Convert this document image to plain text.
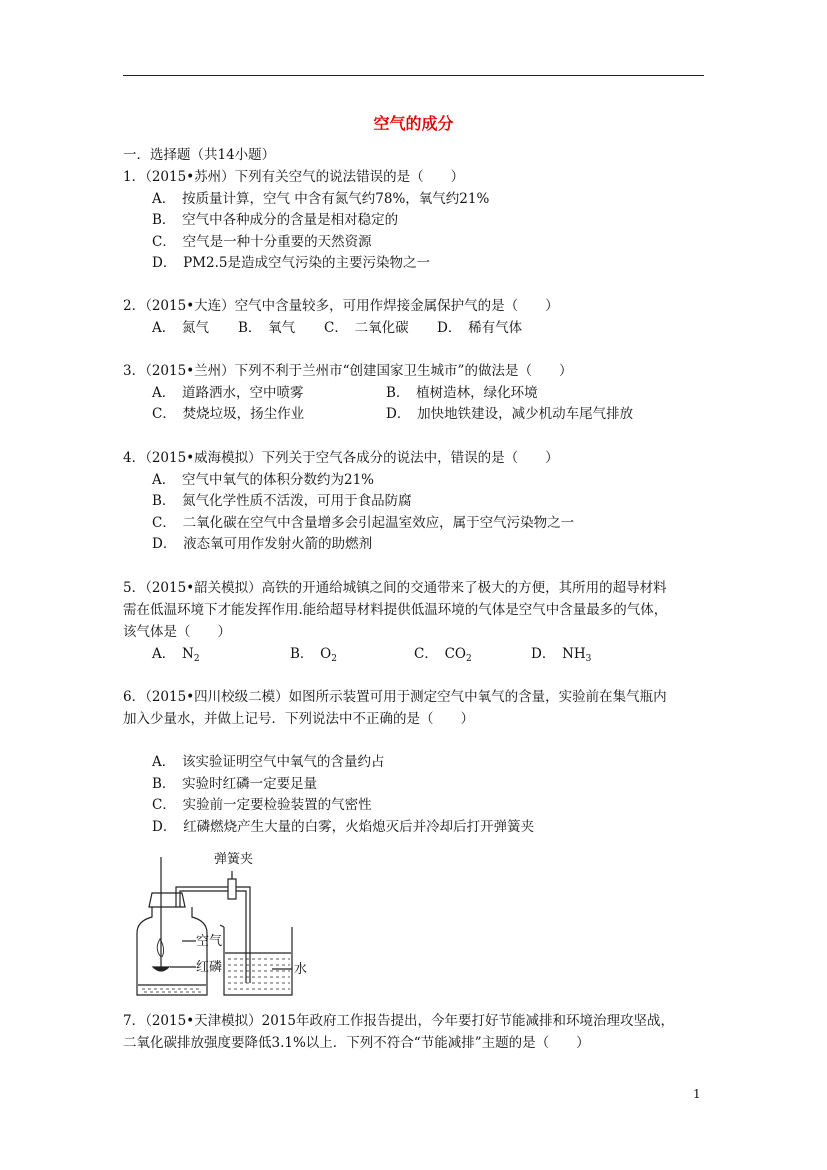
空气的成分
一．选择题（共14小题）
1．（2015•苏州）下列有关空气的说法错误的是（　　）
A．　按质量计算，空气 中含有氮气约78%，氧气约21%
B．　空气中各种成分的含量是相对稳定的
C．　空气是一种十分重要的天然资源
D．　PM2.5是造成空气污染的主要污染物之一
2．（2015•大连）空气中含量较多，可用作焊接金属保护气的是（　　）
A．　氮气 B．　氧气 C．　二氧化碳 D．　稀有气体
3．（2015•兰州）下列不利于兰州市“创建国家卫生城市”的做法是（　　）
A．　道路洒水，空中喷雾	B．　植树造林，绿化环境
C．　焚烧垃圾，扬尘作业	D．　加快地铁建设，减少机动车尾气排放
4．（2015•威海模拟）下列关于空气各成分的说法中，错误的是（　　）
A．　空气中氧气的体积分数约为21%
B．　氮气化学性质不活泼，可用于食品防腐
C．　二氧化碳在空气中含量增多会引起温室效应，属于空气污染物之一
D．　液态氧可用作发射火箭的助燃剂
5．（2015•韶关模拟）高铁的开通给城镇之间的交通带来了极大的方便，其所用的超导材料
需在低温环境下才能发挥作用.能给超导材料提供低温环境的气体是空气中含量最多的气体，
该气体是（　　）
A．　$N_2$	B．　$O_2$	C．　$CO_2$	D．　$NH_3$
6．（2015•四川校级二模）如图所示装置可用于测定空气中氧气的含量，实验前在集气瓶内
加入少量水，并做上记号．下列说法中不正确的是（　　）
A．　该实验证明空气中氧气的含量约占
B．　实验时红磷一定要足量
C．　实验前一定要检验装置的气密性
D．　红磷燃烧产生大量的白雾，火焰熄灭后并冷却后打开弹簧夹
弹簧夹
空气
红磷	水
7．（2015•天津模拟）2015年政府工作报告提出，今年要打好节能减排和环境治理攻坚战，
二氧化碳排放强度要降低3.1%以上．下列不符合“节能减排”主题的是（　　）
1
